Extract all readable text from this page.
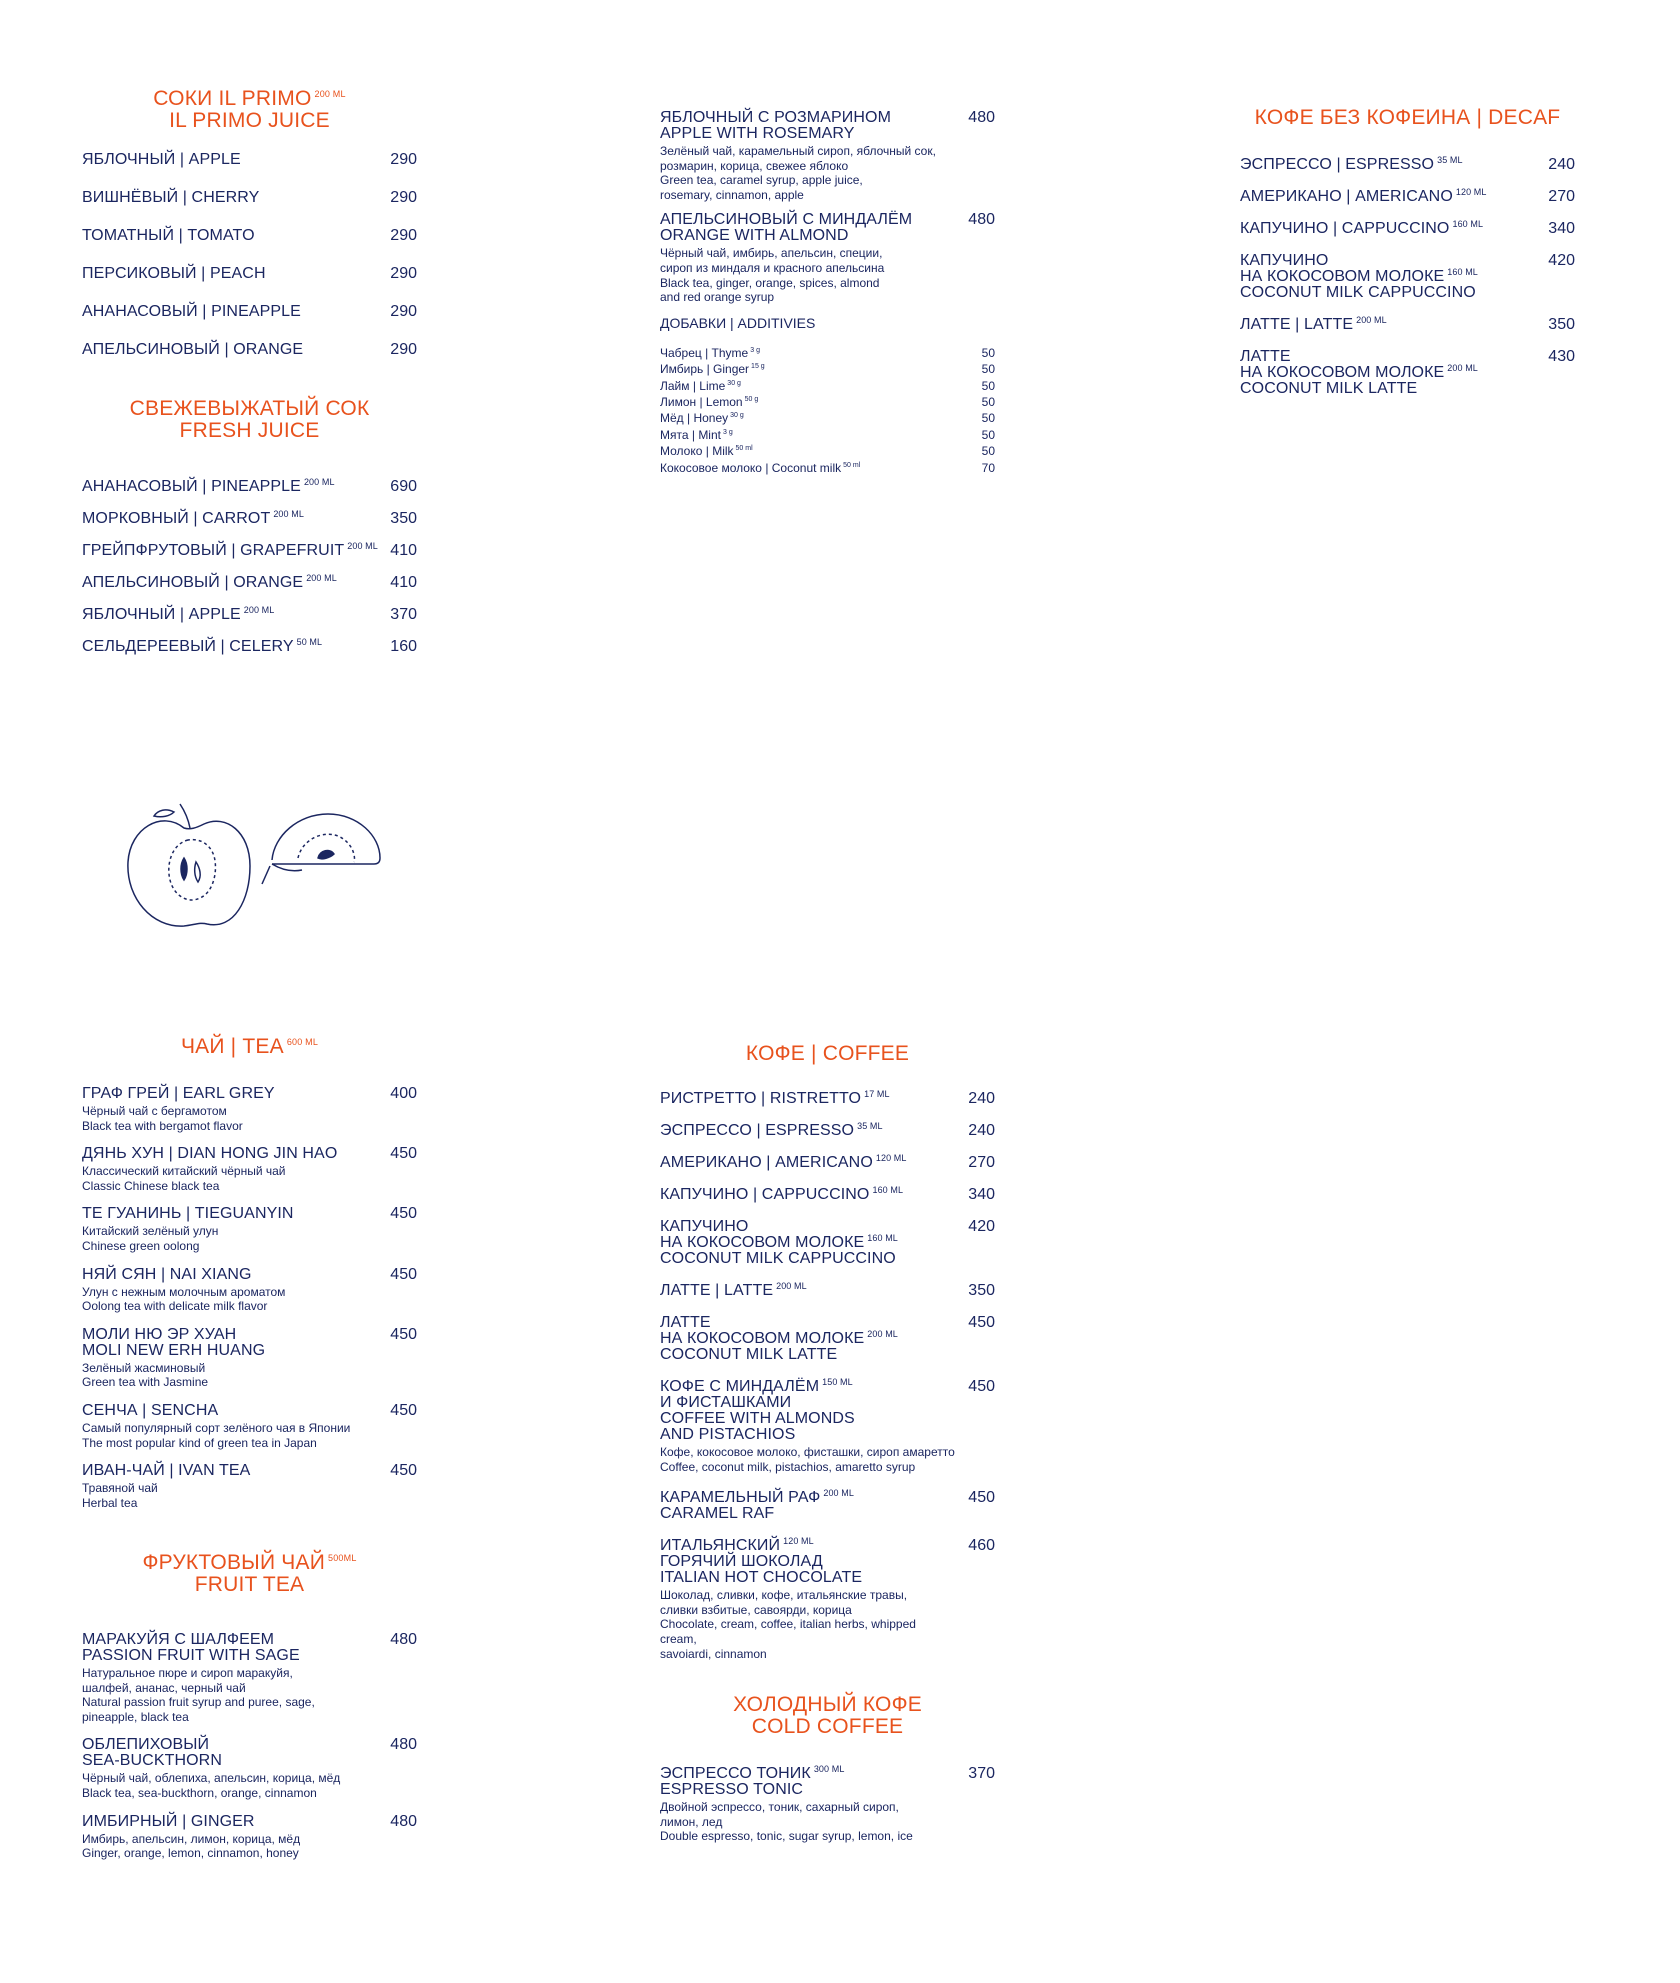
СОКИ IL PRIMO $^{200 ML}$
IL PRIMO JUICE
ЯБЛОЧНЫЙ | APPLE	290
ВИШНЁВЫЙ | CHERRY	290
ТОМАТНЫЙ | TOMATO	290
ПЕРСИКОВЫЙ | PEACH	290
АНАНАСОВЫЙ | PINEAPPLE	290
АПЕЛЬСИНОВЫЙ | ORANGE	290
СВЕЖЕВЫЖАТЫЙ СОК
FRESH JUICE
АНАНАСОВЫЙ | PINEAPPLE $^{200 ML}$	690
МОРКОВНЫЙ | CARROT $^{200 ML}$	350
ГРЕЙПФРУТОВЫЙ | GRAPEFRUIT $^{200 ML}$ 410
АПЕЛЬСИНОВЫЙ | ORANGE $^{200 ML}$	410
ЯБЛОЧНЫЙ | APPLE $^{200 ML}$	370
СЕЛЬДЕРЕЕВЫЙ | CELERY $^{50 ML}$	160
ЧАЙ | TEA $^{600 ML}$
ГРАФ ГРЕЙ | EARL GREY	400
Чёрный чай с бергамотом
Black tea with bergamot flavor
ДЯНЬ ХУН | DIAN HONG JIN HAO	450
Классический китайский чёрный чай
Classic Chinese black tea
ТЕ ГУАНИНЬ | TIEGUANYIN	450
Китайский зелёный улун
Chinese green oolong
НЯЙ СЯН | NAI XIANG	450
Улун с нежным молочным ароматом
Oolong tea with delicate milk flavor
МОЛИ НЮ ЭР ХУАН
MOLI NEW ERH HUANG
450
Зелёный жасминовый
Green tea with Jasmine
СЕНЧА | SENCHA	450
Самый популярный сорт зелёного чая в Японии
The most popular kind of green tea in Japan
ИВАН-ЧАЙ | IVAN TEA	450
Травяной чай
Herbal tea
ФРУКТОВЫЙ ЧАЙ $^{500ML}$
FRUIT TEA
МАРАКУЙЯ С ШАЛФЕЕМ
PASSION FRUIT WITH SAGE
480
Натуральное пюре и сироп маракуйя,
шалфей, ананас, черный чай
Natural passion fruit syrup and puree, sage,
pineapple, black tea
ОБЛЕПИХОВЫЙ
SEA-BUCKTHORN
480
Чёрный чай, облепиха, апельсин, корица, мёд
Black tea, sea-buckthorn, orange, cinnamon
ИМБИРНЫЙ | GINGER	480
Имбирь, апельсин, лимон, корица, мёд
Ginger, orange, lemon, cinnamon, honey
ЯБЛОЧНЫЙ С РОЗМАРИНОМ
APPLE WITH ROSEMARY
480
Зелёный чай, карамельный сироп, яблочный сок,
розмарин, корица, свежее яблоко
Green tea, caramel syrup, apple juice,
rosemary, cinnamon, apple
АПЕЛЬСИНОВЫЙ С МИНДАЛЁМ
ORANGE WITH ALMOND
480
Чёрный чай, имбирь, апельсин, специи,
сироп из миндаля и красного апельсина
Black tea, ginger, orange, spices, almond
and red orange syrup
ДОБАВКИ | ADDITIVIES
Чабрец | Thyme $^{3 g}$	50
Имбирь | Ginger $^{15 g}$	50
Лайм | Lime $^{30 g}$	50
Лимон | Lemon $^{50 g}$	50
Мёд | Honey $^{30 g}$	50
Мята | Mint $^{3 g}$	50
Молоко | Milk $^{50 ml}$	50
Кокосовое молоко | Coconut milk $^{50 ml}$	70
КОФЕ | COFFEE
РИСТРЕТТО | RISTRETTO $^{17 ML}$	240
ЭСПРЕССО | ESPRESSO $^{35 ML}$	240
АМЕРИКАНО | AMERICANO $^{120 ML}$	270
КАПУЧИНО | CAPPUCCINO $^{160 ML}$	340
КАПУЧИНО
НА КОКОСОВОМ МОЛОКЕ $^{160 ML}$
COCONUT MILK CAPPUCCINO
420
ЛАТТЕ | LATTE $^{200 ML}$	350
ЛАТТЕ
НА КОКОСОВОМ МОЛОКЕ $^{200 ML}$
COCONUT MILK LATTE
450
КОФЕ С МИНДАЛЁМ $^{150 ML}$
И ФИСТАШКАМИ
COFFEE WITH ALMONDS
AND PISTACHIOS
450
Кофе, кокосовое молоко, фисташки, сироп амаретто
Coffee, coconut milk, pistachios, amaretto syrup
КАРАМЕЛЬНЫЙ РАФ $^{200 ML}$
CARAMEL RAF
450
ИТАЛЬЯНСКИЙ $^{120 ML}$
ГОРЯЧИЙ ШОКОЛАД
ITALIAN HOT CHOCOLATE
460
Шоколад, сливки, кофе, итальянские травы,
сливки взбитые, савоярди, корица
Chocolate, cream, coffee, italian herbs, whipped
cream,
savoiardi, cinnamon
ХОЛОДНЫЙ КОФЕ
COLD COFFEE
ЭСПРЕССО ТОНИК $^{300 ML}$
ESPRESSO TONIC
370
Двойной эспрессо, тоник, сахарный сироп,
лимон, лед
Double espresso, tonic, sugar syrup, lemon, ice
КОФЕ БЕЗ КОФЕИНА | DECAF
ЭСПРЕССО | ESPRESSO $^{35 ML}$	240
АМЕРИКАНО | AMERICANO $^{120 ML}$	270
КАПУЧИНО | CAPPUCCINO $^{160 ML}$	340
КАПУЧИНО
НА КОКОСОВОМ МОЛОКЕ $^{160 ML}$
COCONUT MILK CAPPUCCINO
420
ЛАТТЕ | LATTE $^{200 ML}$	350
ЛАТТЕ
НА КОКОСОВОМ МОЛОКЕ $^{200 ML}$
COCONUT MILK LATTE
430
